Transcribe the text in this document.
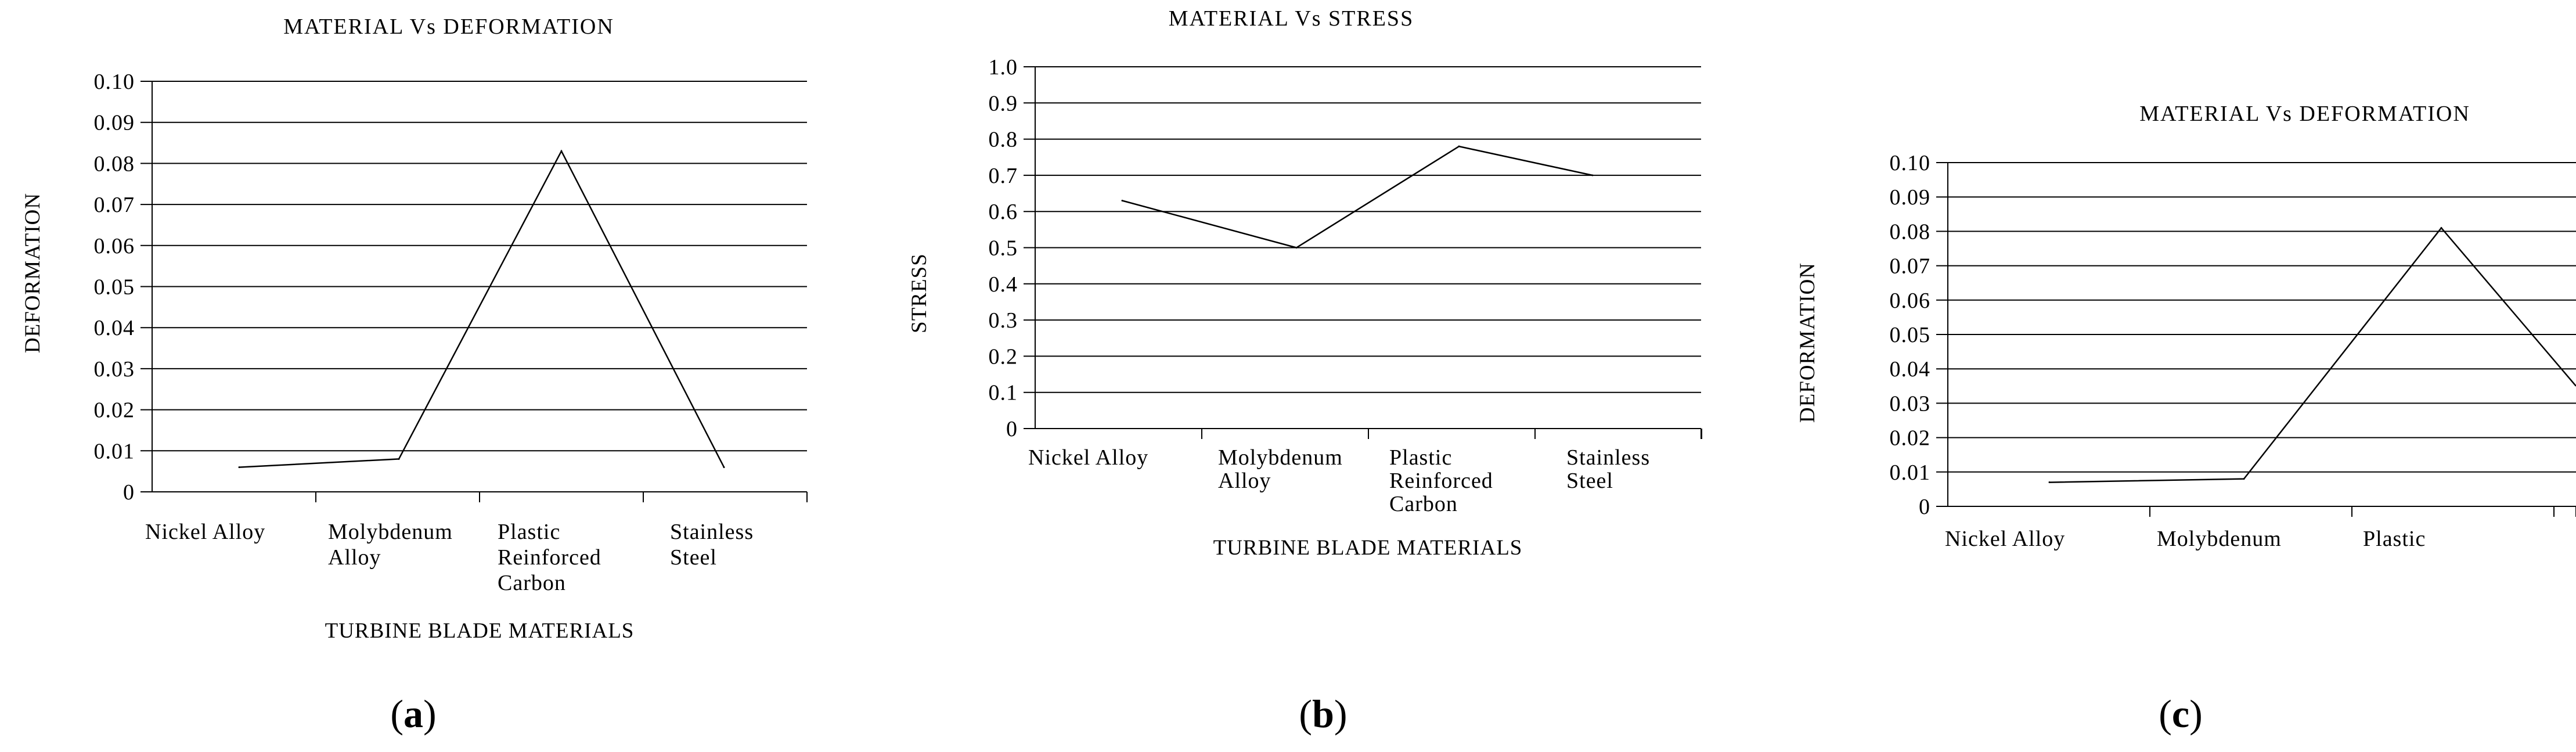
MATERIAL Vs DEFORMATION
DEFORMATION
TURBINE BLADE MATERIALS
(a)
0
0.01
0.02
0.03
0.04
0.05
0.06
0.07
0.08
0.09
0.10
Nickel Alloy	Molybdenum Alloy
Plastic Reinforced Carbon
Stainless Steel
MATERIAL Vs STRESS
STRESS
TURBINE BLADE MATERIALS
(b)
0
0.1
0.2
0.3
0.4
0.5
0.6
0.7
0.8
0.9
1.0
Nickel Alloy	Molybdenum Alloy
Plastic Reinforced Carbon
Stainless Steel
MATERIAL Vs DEFORMATION
DEFORMATION
(c)
0
0.01
0.02
0.03
0.04
0.05
0.06
0.07
0.08
0.09
0.10
Nickel Alloy	Molybdenum	Plastic
